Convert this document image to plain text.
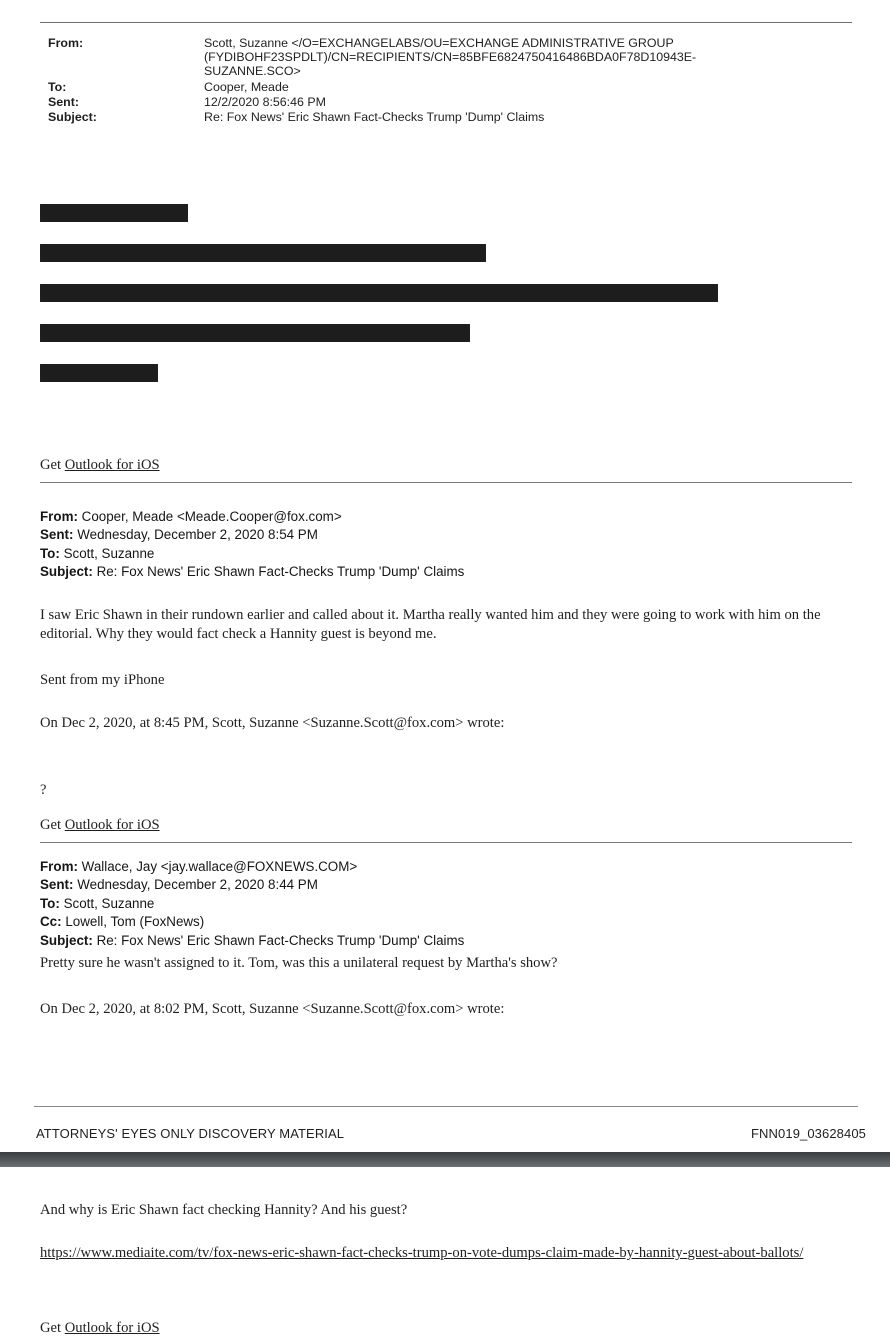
From:	Scott, Suzanne </O=EXCHANGELABS/OU=EXCHANGE ADMINISTRATIVE GROUP (FYDIBOHF23SPDLT)/CN=RECIPIENTS/CN=85BFE6824750416486BDA0F78D10943E-SUZANNE.SCO>
To:	Cooper, Meade
Sent:	12/2/2020 8:56:46 PM
Subject:	Re: Fox News' Eric Shawn Fact-Checks Trump 'Dump' Claims
Get Outlook for iOS
From: Cooper, Meade <Meade.Cooper@fox.com>
Sent: Wednesday, December 2, 2020 8:54 PM
To: Scott, Suzanne
Subject: Re: Fox News' Eric Shawn Fact-Checks Trump 'Dump' Claims
I saw Eric Shawn in their rundown earlier and called about it. Martha really wanted him and they were going to work with him on the editorial. Why they would fact check a Hannity guest is beyond me.
Sent from my iPhone
On Dec 2, 2020, at 8:45 PM, Scott, Suzanne <Suzanne.Scott@fox.com> wrote:
?
Get Outlook for iOS
From: Wallace, Jay <jay.wallace@FOXNEWS.COM>
Sent: Wednesday, December 2, 2020 8:44 PM
To: Scott, Suzanne
Cc: Lowell, Tom (FoxNews)
Subject: Re: Fox News' Eric Shawn Fact-Checks Trump 'Dump' Claims
Pretty sure he wasn't assigned to it. Tom, was this a unilateral request by Martha's show?
On Dec 2, 2020, at 8:02 PM, Scott, Suzanne <Suzanne.Scott@fox.com> wrote:
ATTORNEYS' EYES ONLY DISCOVERY MATERIAL	FNN019_03628405
And why is Eric Shawn fact checking Hannity? And his guest?
https://www.mediaite.com/tv/fox-news-eric-shawn-fact-checks-trump-on-vote-dumps-claim-made-by-hannity-guest-about-ballots/
Get Outlook for iOS
